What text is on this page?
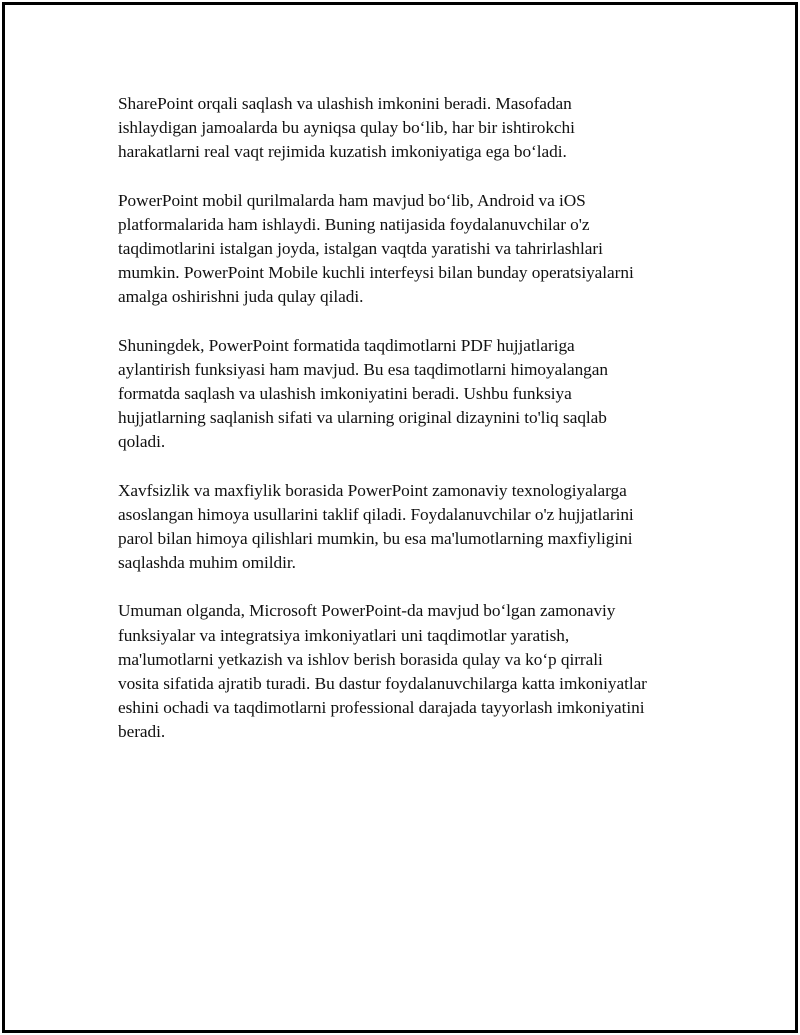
SharePoint orqali saqlash va ulashish imkonini beradi. Masofadan
ishlaydigan jamoalarda bu ayniqsa qulay bo‘lib, har bir ishtirokchi
harakatlarni real vaqt rejimida kuzatish imkoniyatiga ega bo‘ladi.

PowerPoint mobil qurilmalarda ham mavjud bo‘lib, Android va iOS
platformalarida ham ishlaydi. Buning natijasida foydalanuvchilar o'z
taqdimotlarini istalgan joyda, istalgan vaqtda yaratishi va tahrirlashlari
mumkin. PowerPoint Mobile kuchli interfeysi bilan bunday operatsiyalarni
amalga oshirishni juda qulay qiladi.

Shuningdek, PowerPoint formatida taqdimotlarni PDF hujjatlariga
aylantirish funksiyasi ham mavjud. Bu esa taqdimotlarni himoyalangan
formatda saqlash va ulashish imkoniyatini beradi. Ushbu funksiya
hujjatlarning saqlanish sifati va ularning original dizaynini to'liq saqlab
qoladi.

Xavfsizlik va maxfiylik borasida PowerPoint zamonaviy texnologiyalarga
asoslangan himoya usullarini taklif qiladi. Foydalanuvchilar o'z hujjatlarini
parol bilan himoya qilishlari mumkin, bu esa ma'lumotlarning maxfiyligini
saqlashda muhim omildir.

Umuman olganda, Microsoft PowerPoint-da mavjud bo‘lgan zamonaviy
funksiyalar va integratsiya imkoniyatlari uni taqdimotlar yaratish,
ma'lumotlarni yetkazish va ishlov berish borasida qulay va ko‘p qirrali
vosita sifatida ajratib turadi. Bu dastur foydalanuvchilarga katta imkoniyatlar
eshini ochadi va taqdimotlarni professional darajada tayyorlash imkoniyatini
beradi.
